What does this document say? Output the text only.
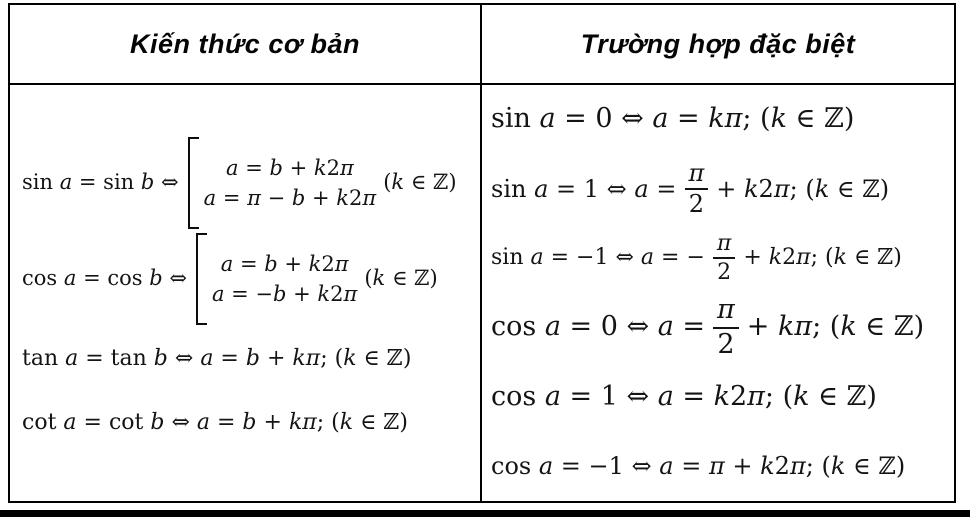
Kiến thức cơ bản	Trường hợp đặc biệt
sin a = sin b ⇔
a = b + k2π
a = π − b + k2π
(k ∈ ℤ)
cos a = cos b ⇔
a = b + k2π
a = −b + k2π
(k ∈ ℤ)
tan a = tan b ⇔ a = b + kπ; (k ∈ ℤ)
cot a = cot b ⇔ a = b + kπ; (k ∈ ℤ)
sin a = 0 ⇔ a = kπ; (k ∈ ℤ)
sin a = 1 ⇔ $a = \frac{\pi}{2} + k2\pi$; (k ∈ ℤ)
sin a = −1 ⇔ a = − $\frac{\pi}{2} + k2\pi$; (k ∈ ℤ)
cos a = 0 ⇔ $a = \frac{\pi}{2} + k\pi$; (k ∈ ℤ)
cos a = 1 ⇔ a = k2π; (k ∈ ℤ)
cos a = −1 ⇔ a = π + k2π; (k ∈ ℤ)
